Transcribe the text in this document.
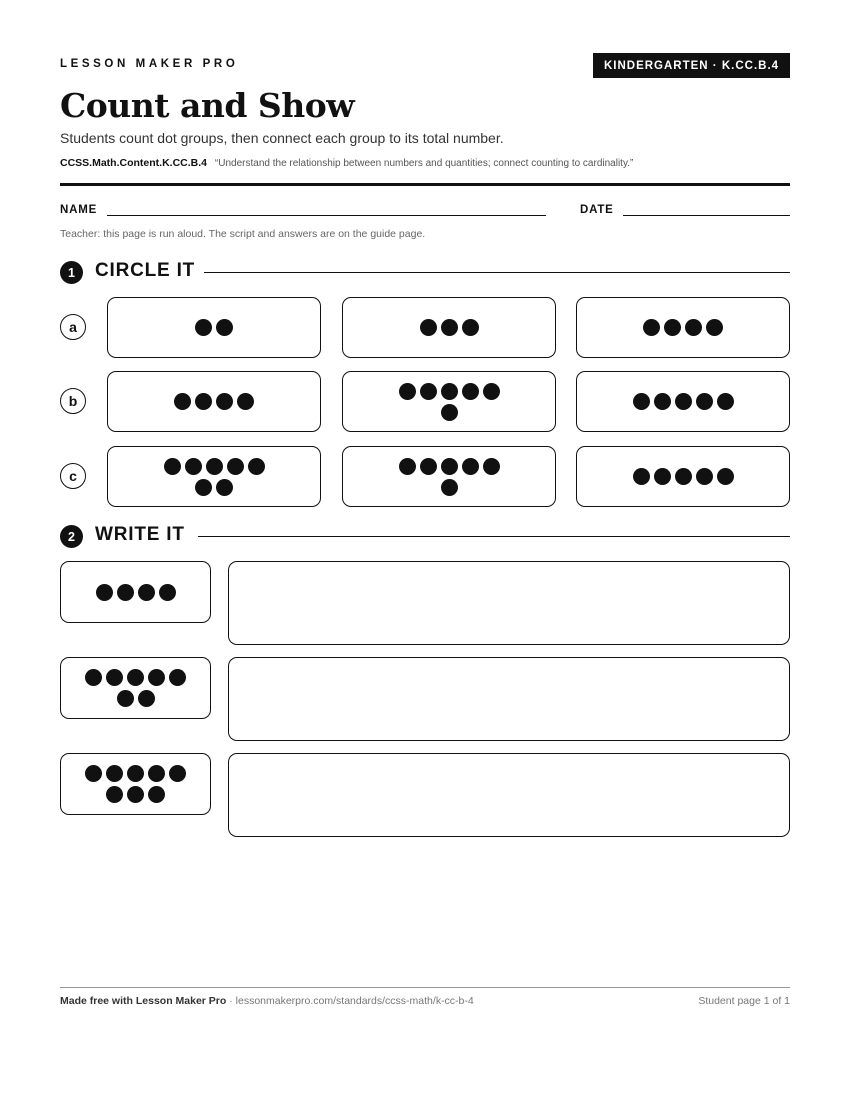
LESSON MAKER PRO	KINDERGARTEN · K.CC.B.4
Count and Show
Students count dot groups, then connect each group to its total number.
CCSS.Math.Content.K.CC.B.4 “Understand the relationship between numbers and quantities; connect counting to cardinality.”
NAME	DATE
Teacher: this page is run aloud. The script and answers are on the guide page.
1	CIRCLE IT
a
b
c
2	WRITE IT
Made free with Lesson Maker Pro · lessonmakerpro.com/standards/ccss-math/k-cc-b-4	Student page 1 of 1
